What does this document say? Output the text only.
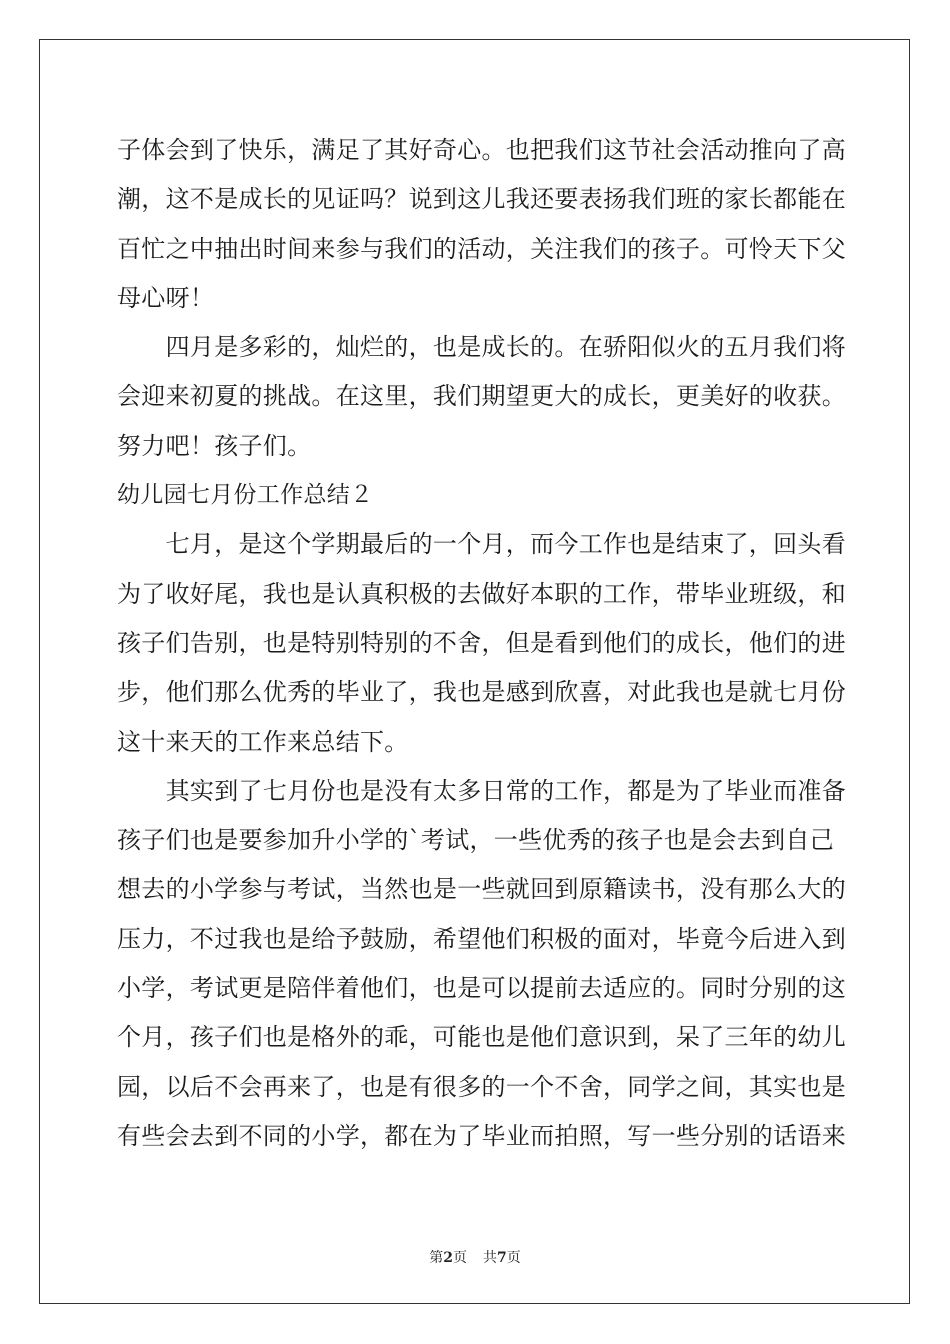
子体会到了快乐，满足了其好奇心。也把我们这节社会活动推向了高
潮，这不是成长的见证吗？说到这儿我还要表扬我们班的家长都能在
百忙之中抽出时间来参与我们的活动，关注我们的孩子。可怜天下父
母心呀！
　　四月是多彩的，灿烂的，也是成长的。在骄阳似火的五月我们将
会迎来初夏的挑战。在这里，我们期望更大的成长，更美好的收获。
努力吧！孩子们。
幼儿园七月份工作总结２
　　七月，是这个学期最后的一个月，而今工作也是结束了，回头看
为了收好尾，我也是认真积极的去做好本职的工作，带毕业班级，和
孩子们告别，也是特别特别的不舍，但是看到他们的成长，他们的进
步，他们那么优秀的毕业了，我也是感到欣喜，对此我也是就七月份
这十来天的工作来总结下。
　　其实到了七月份也是没有太多日常的工作，都是为了毕业而准备
孩子们也是要参加升小学的`考试，一些优秀的孩子也是会去到自己
想去的小学参与考试，当然也是一些就回到原籍读书，没有那么大的
压力，不过我也是给予鼓励，希望他们积极的面对，毕竟今后进入到
小学，考试更是陪伴着他们，也是可以提前去适应的。同时分别的这
个月，孩子们也是格外的乖，可能也是他们意识到，呆了三年的幼儿
园，以后不会再来了，也是有很多的一个不舍，同学之间，其实也是
有些会去到不同的小学，都在为了毕业而拍照，写一些分别的话语来
第2页 共7页
